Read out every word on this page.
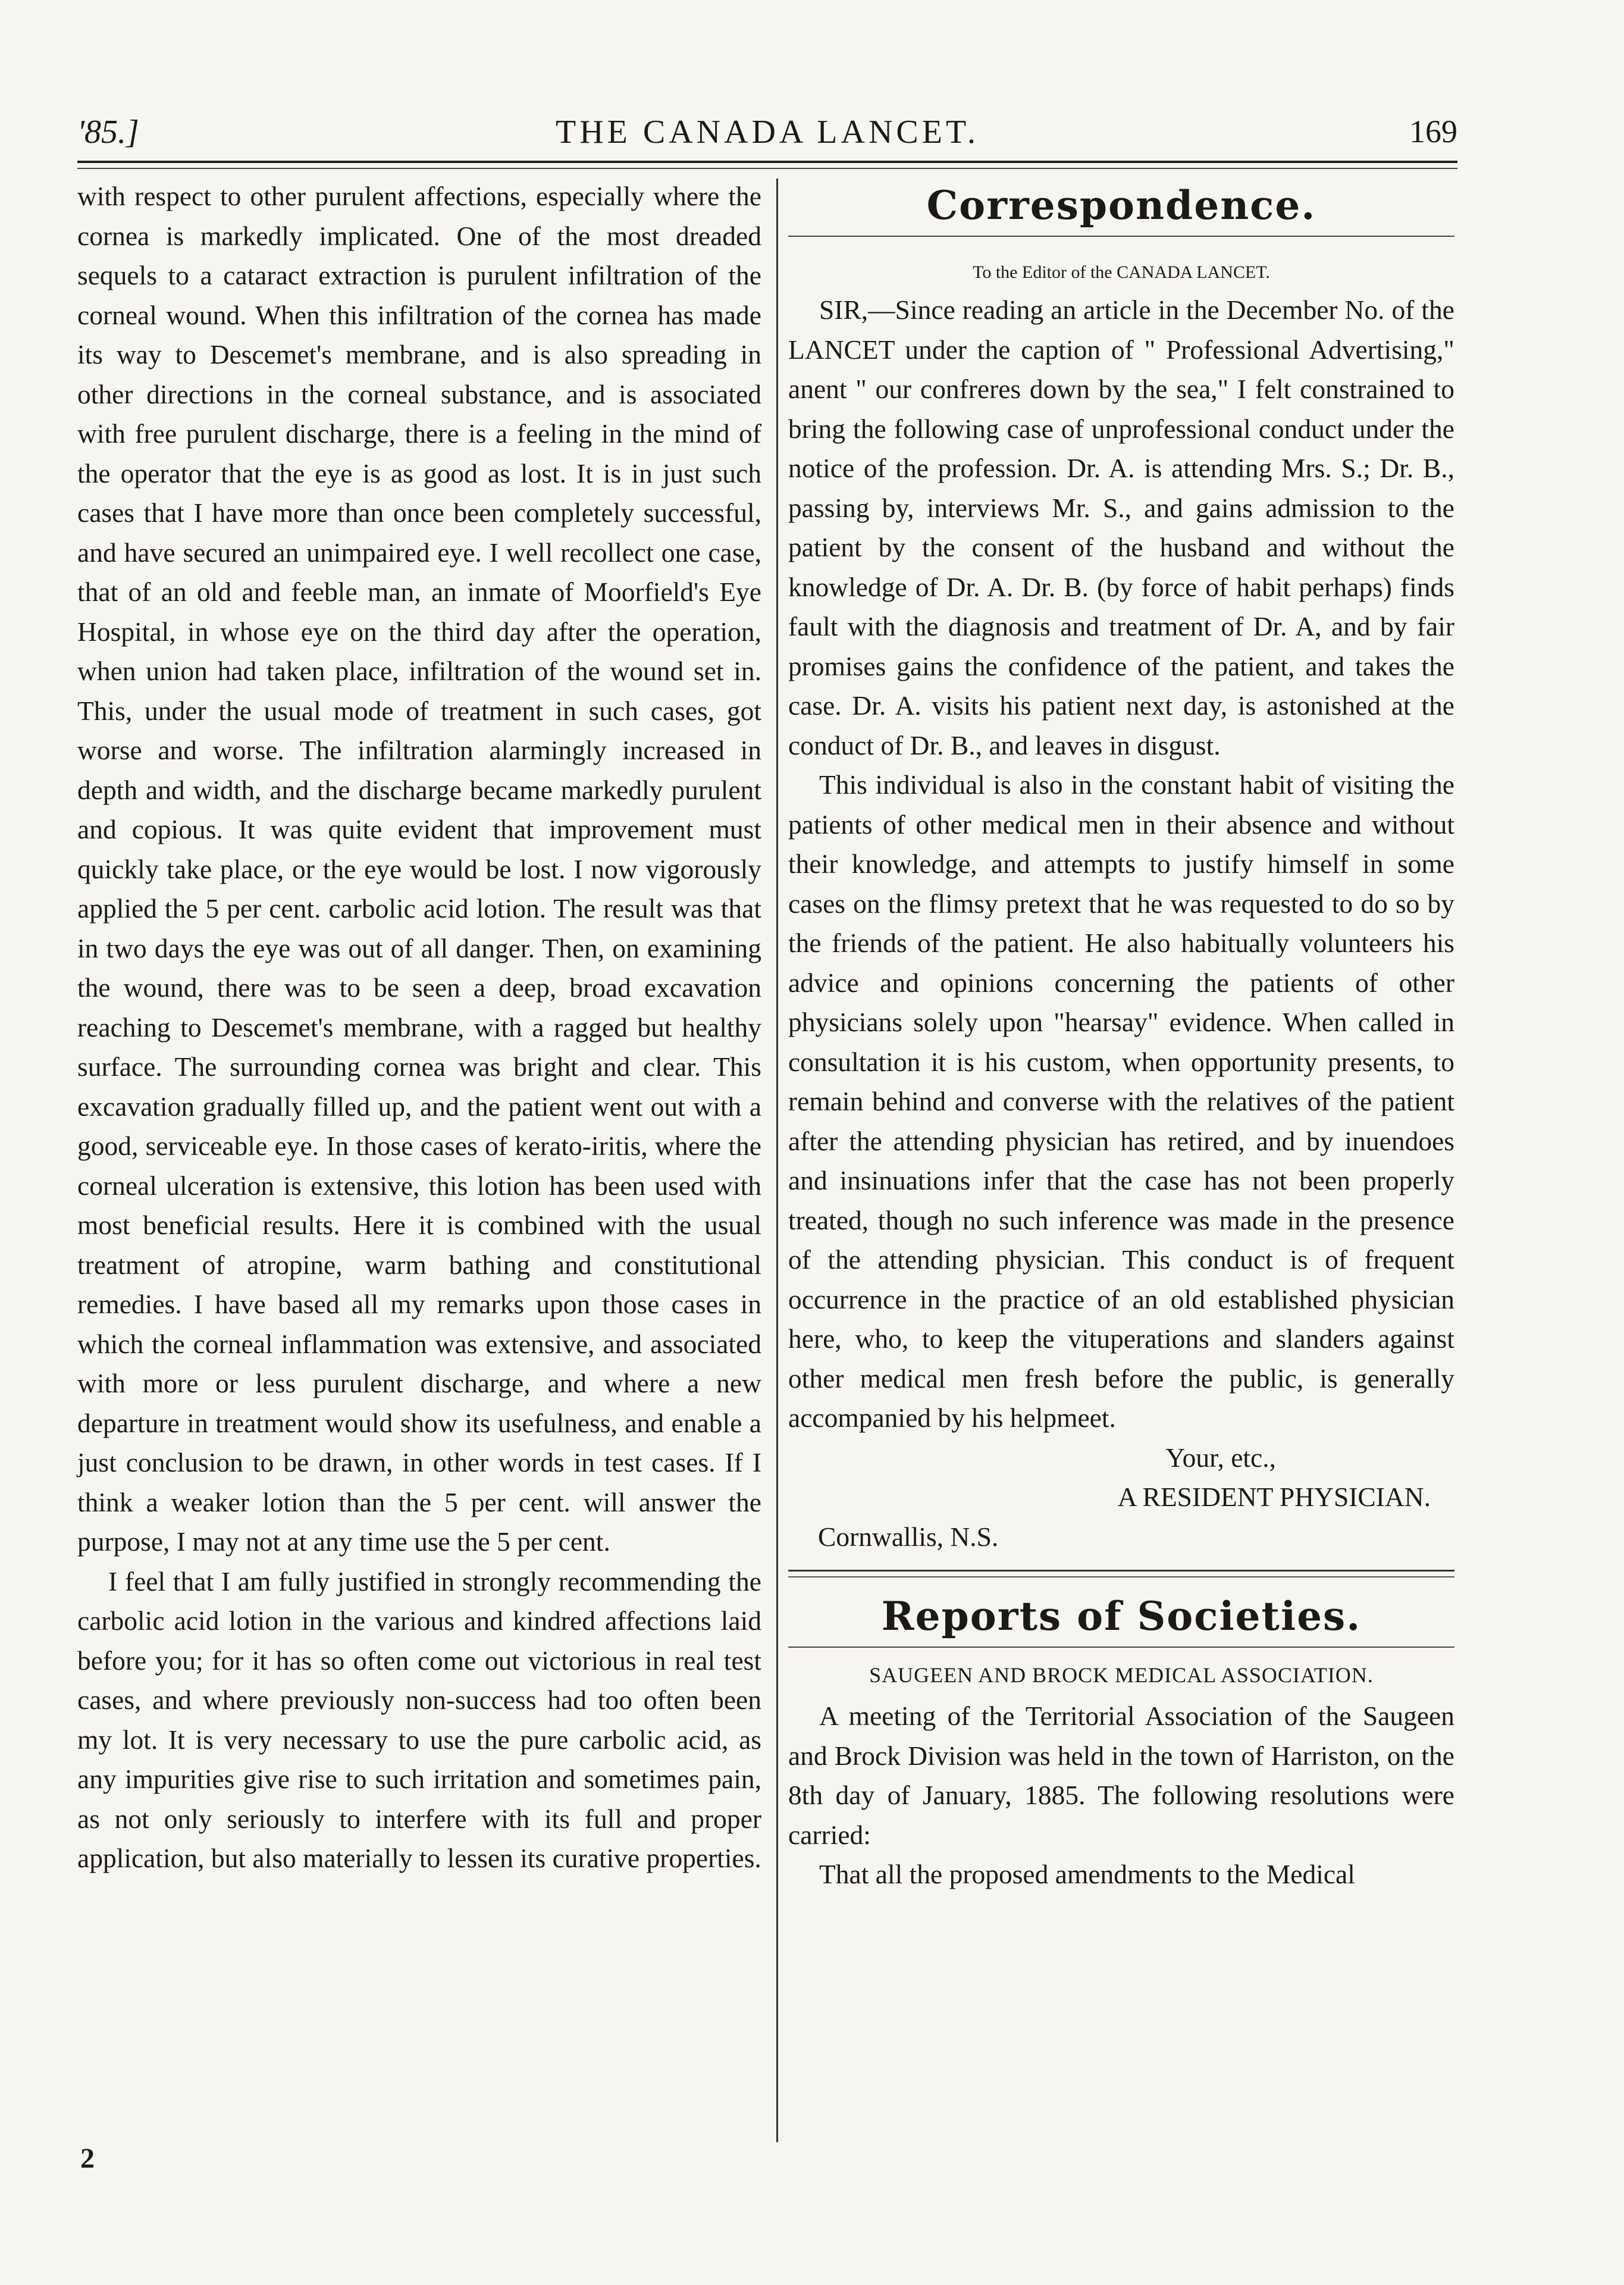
'85.]	THE CANADA LANCET.	169

with respect to other purulent affections, especially where the cornea is markedly implicated. One of the most dreaded sequels to a cataract extraction is purulent infiltration of the corneal wound. When this infiltration of the cornea has made its way to Descemet's membrane, and is also spreading in other directions in the corneal substance, and is associated with free purulent discharge, there is a feeling in the mind of the operator that the eye is as good as lost. It is in just such cases that I have more than once been completely successful, and have secured an unimpaired eye. I well recollect one case, that of an old and feeble man, an inmate of Moorfield's Eye Hospital, in whose eye on the third day after the operation, when union had taken place, infiltration of the wound set in. This, under the usual mode of treatment in such cases, got worse and worse. The infiltration alarmingly increased in depth and width, and the discharge became markedly purulent and copious. It was quite evident that improvement must quickly take place, or the eye would be lost. I now vigorously applied the 5 per cent. carbolic acid lotion. The result was that in two days the eye was out of all danger. Then, on examining the wound, there was to be seen a deep, broad excavation reaching to Descemet's membrane, with a ragged but healthy surface. The surrounding cornea was bright and clear. This excavation gradually filled up, and the patient went out with a good, serviceable eye. In those cases of kerato-iritis, where the corneal ulceration is extensive, this lotion has been used with most beneficial results. Here it is combined with the usual treatment of atropine, warm bathing and constitutional remedies. I have based all my remarks upon those cases in which the corneal inflammation was extensive, and associated with more or less purulent discharge, and where a new departure in treatment would show its usefulness, and enable a just conclusion to be drawn, in other words in test cases. If I think a weaker lotion than the 5 per cent. will answer the purpose, I may not at any time use the 5 per cent.

I feel that I am fully justified in strongly recommending the carbolic acid lotion in the various and kindred affections laid before you; for it has so often come out victorious in real test cases, and where previously non-success had too often been my lot. It is very necessary to use the pure carbolic acid, as any impurities give rise to such irritation and sometimes pain, as not only seriously to interfere with its full and proper application, but also materially to lessen its curative properties.

Correspondence.

To the Editor of the CANADA LANCET.

SIR,—Since reading an article in the December No. of the LANCET under the caption of " Professional Advertising," anent " our confreres down by the sea," I felt constrained to bring the following case of unprofessional conduct under the notice of the profession. Dr. A. is attending Mrs. S.; Dr. B., passing by, interviews Mr. S., and gains admission to the patient by the consent of the husband and without the knowledge of Dr. A. Dr. B. (by force of habit perhaps) finds fault with the diagnosis and treatment of Dr. A, and by fair promises gains the confidence of the patient, and takes the case. Dr. A. visits his patient next day, is astonished at the conduct of Dr. B., and leaves in disgust.

This individual is also in the constant habit of visiting the patients of other medical men in their absence and without their knowledge, and attempts to justify himself in some cases on the flimsy pretext that he was requested to do so by the friends of the patient. He also habitually volunteers his advice and opinions concerning the patients of other physicians solely upon "hearsay" evidence. When called in consultation it is his custom, when opportunity presents, to remain behind and converse with the relatives of the patient after the attending physician has retired, and by inuendoes and insinuations infer that the case has not been properly treated, though no such inference was made in the presence of the attending physician. This conduct is of frequent occurrence in the practice of an old established physician here, who, to keep the vituperations and slanders against other medical men fresh before the public, is generally accompanied by his helpmeet.

Your, etc.,

A RESIDENT PHYSICIAN.

Cornwallis, N.S.

Reports of Societies.

SAUGEEN AND BROCK MEDICAL ASSOCIATION.

A meeting of the Territorial Association of the Saugeen and Brock Division was held in the town of Harriston, on the 8th day of January, 1885. The following resolutions were carried:

That all the proposed amendments to the Medical

2
